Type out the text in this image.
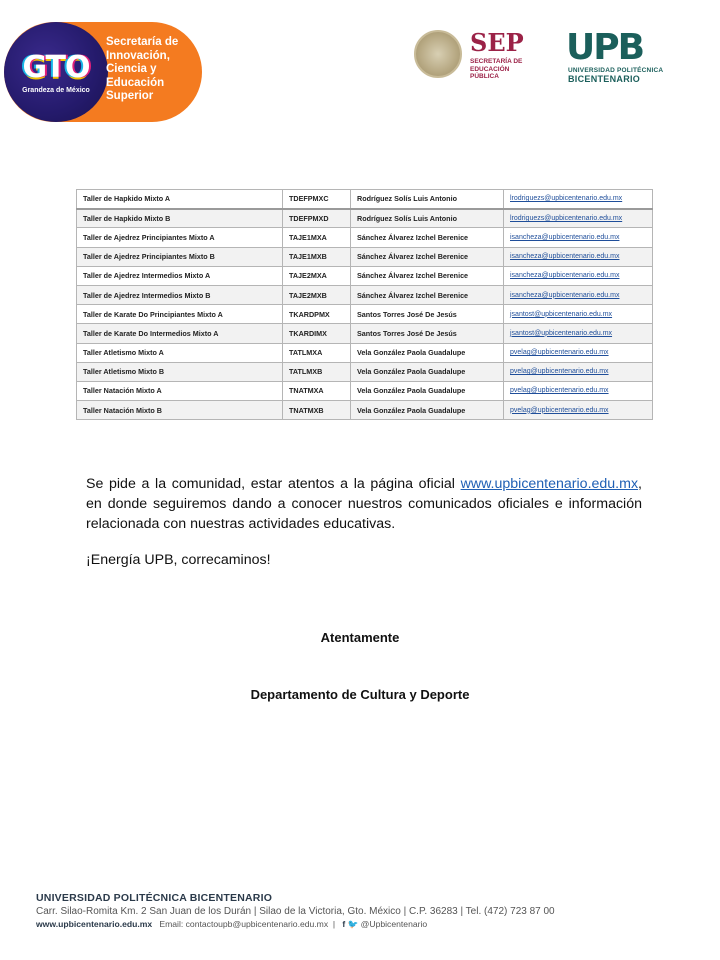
GTO
Grandeza de México
Secretaría de Innovación, Ciencia y Educación Superior
SEP
SECRETARÍA DE EDUCACIÓN PÚBLICA
UPB
UNIVERSIDAD POLITÉCNICA
BICENTENARIO
Taller de Hapkido Mixto A	TDEFPMXC	Rodríguez Solís Luis Antonio	lrodriguezs@upbicentenario.edu.mx
Taller de Hapkido Mixto B	TDEFPMXD	Rodríguez Solís Luis Antonio	lrodriguezs@upbicentenario.edu.mx
Taller de Ajedrez Principiantes Mixto A	TAJE1MXA	Sánchez Álvarez Izchel Berenice	isancheza@upbicentenario.edu.mx
Taller de Ajedrez Principiantes Mixto B	TAJE1MXB	Sánchez Álvarez Izchel Berenice	isancheza@upbicentenario.edu.mx
Taller de Ajedrez Intermedios Mixto A	TAJE2MXA	Sánchez Álvarez Izchel Berenice	isancheza@upbicentenario.edu.mx
Taller de Ajedrez Intermedios Mixto B	TAJE2MXB	Sánchez Álvarez Izchel Berenice	isancheza@upbicentenario.edu.mx
Taller de Karate Do Principiantes Mixto A	TKARDPMX	Santos Torres José De Jesús	jsantost@upbicentenario.edu.mx
Taller de Karate Do Intermedios Mixto A	TKARDIMX	Santos Torres José De Jesús	jsantost@upbicentenario.edu.mx
Taller Atletismo Mixto A	TATLMXA	Vela González Paola Guadalupe	pvelag@upbicentenario.edu.mx
Taller Atletismo Mixto B	TATLMXB	Vela González Paola Guadalupe	pvelag@upbicentenario.edu.mx
Taller Natación Mixto A	TNATMXA	Vela González Paola Guadalupe	pvelag@upbicentenario.edu.mx
Taller Natación Mixto B	TNATMXB	Vela González Paola Guadalupe	pvelag@upbicentenario.edu.mx

Se pide a la comunidad, estar atentos a la página oficial www.upbicentenario.edu.mx, en donde seguiremos dando a conocer nuestros comunicados oficiales e información relacionada con nuestras actividades educativas.

¡Energía UPB, correcaminos!
Atentamente
Departamento de Cultura y Deporte
UNIVERSIDAD POLITÉCNICA BICENTENARIO
Carr. Silao-Romita Km. 2 San Juan de los Durán | Silao de la Victoria, Gto. México | C.P. 36283 | Tel. (472) 723 87 00
www.upbicentenario.edu.mx Email: contactoupb@upbicentenario.edu.mx  |   f 🐦 @Upbicentenario
